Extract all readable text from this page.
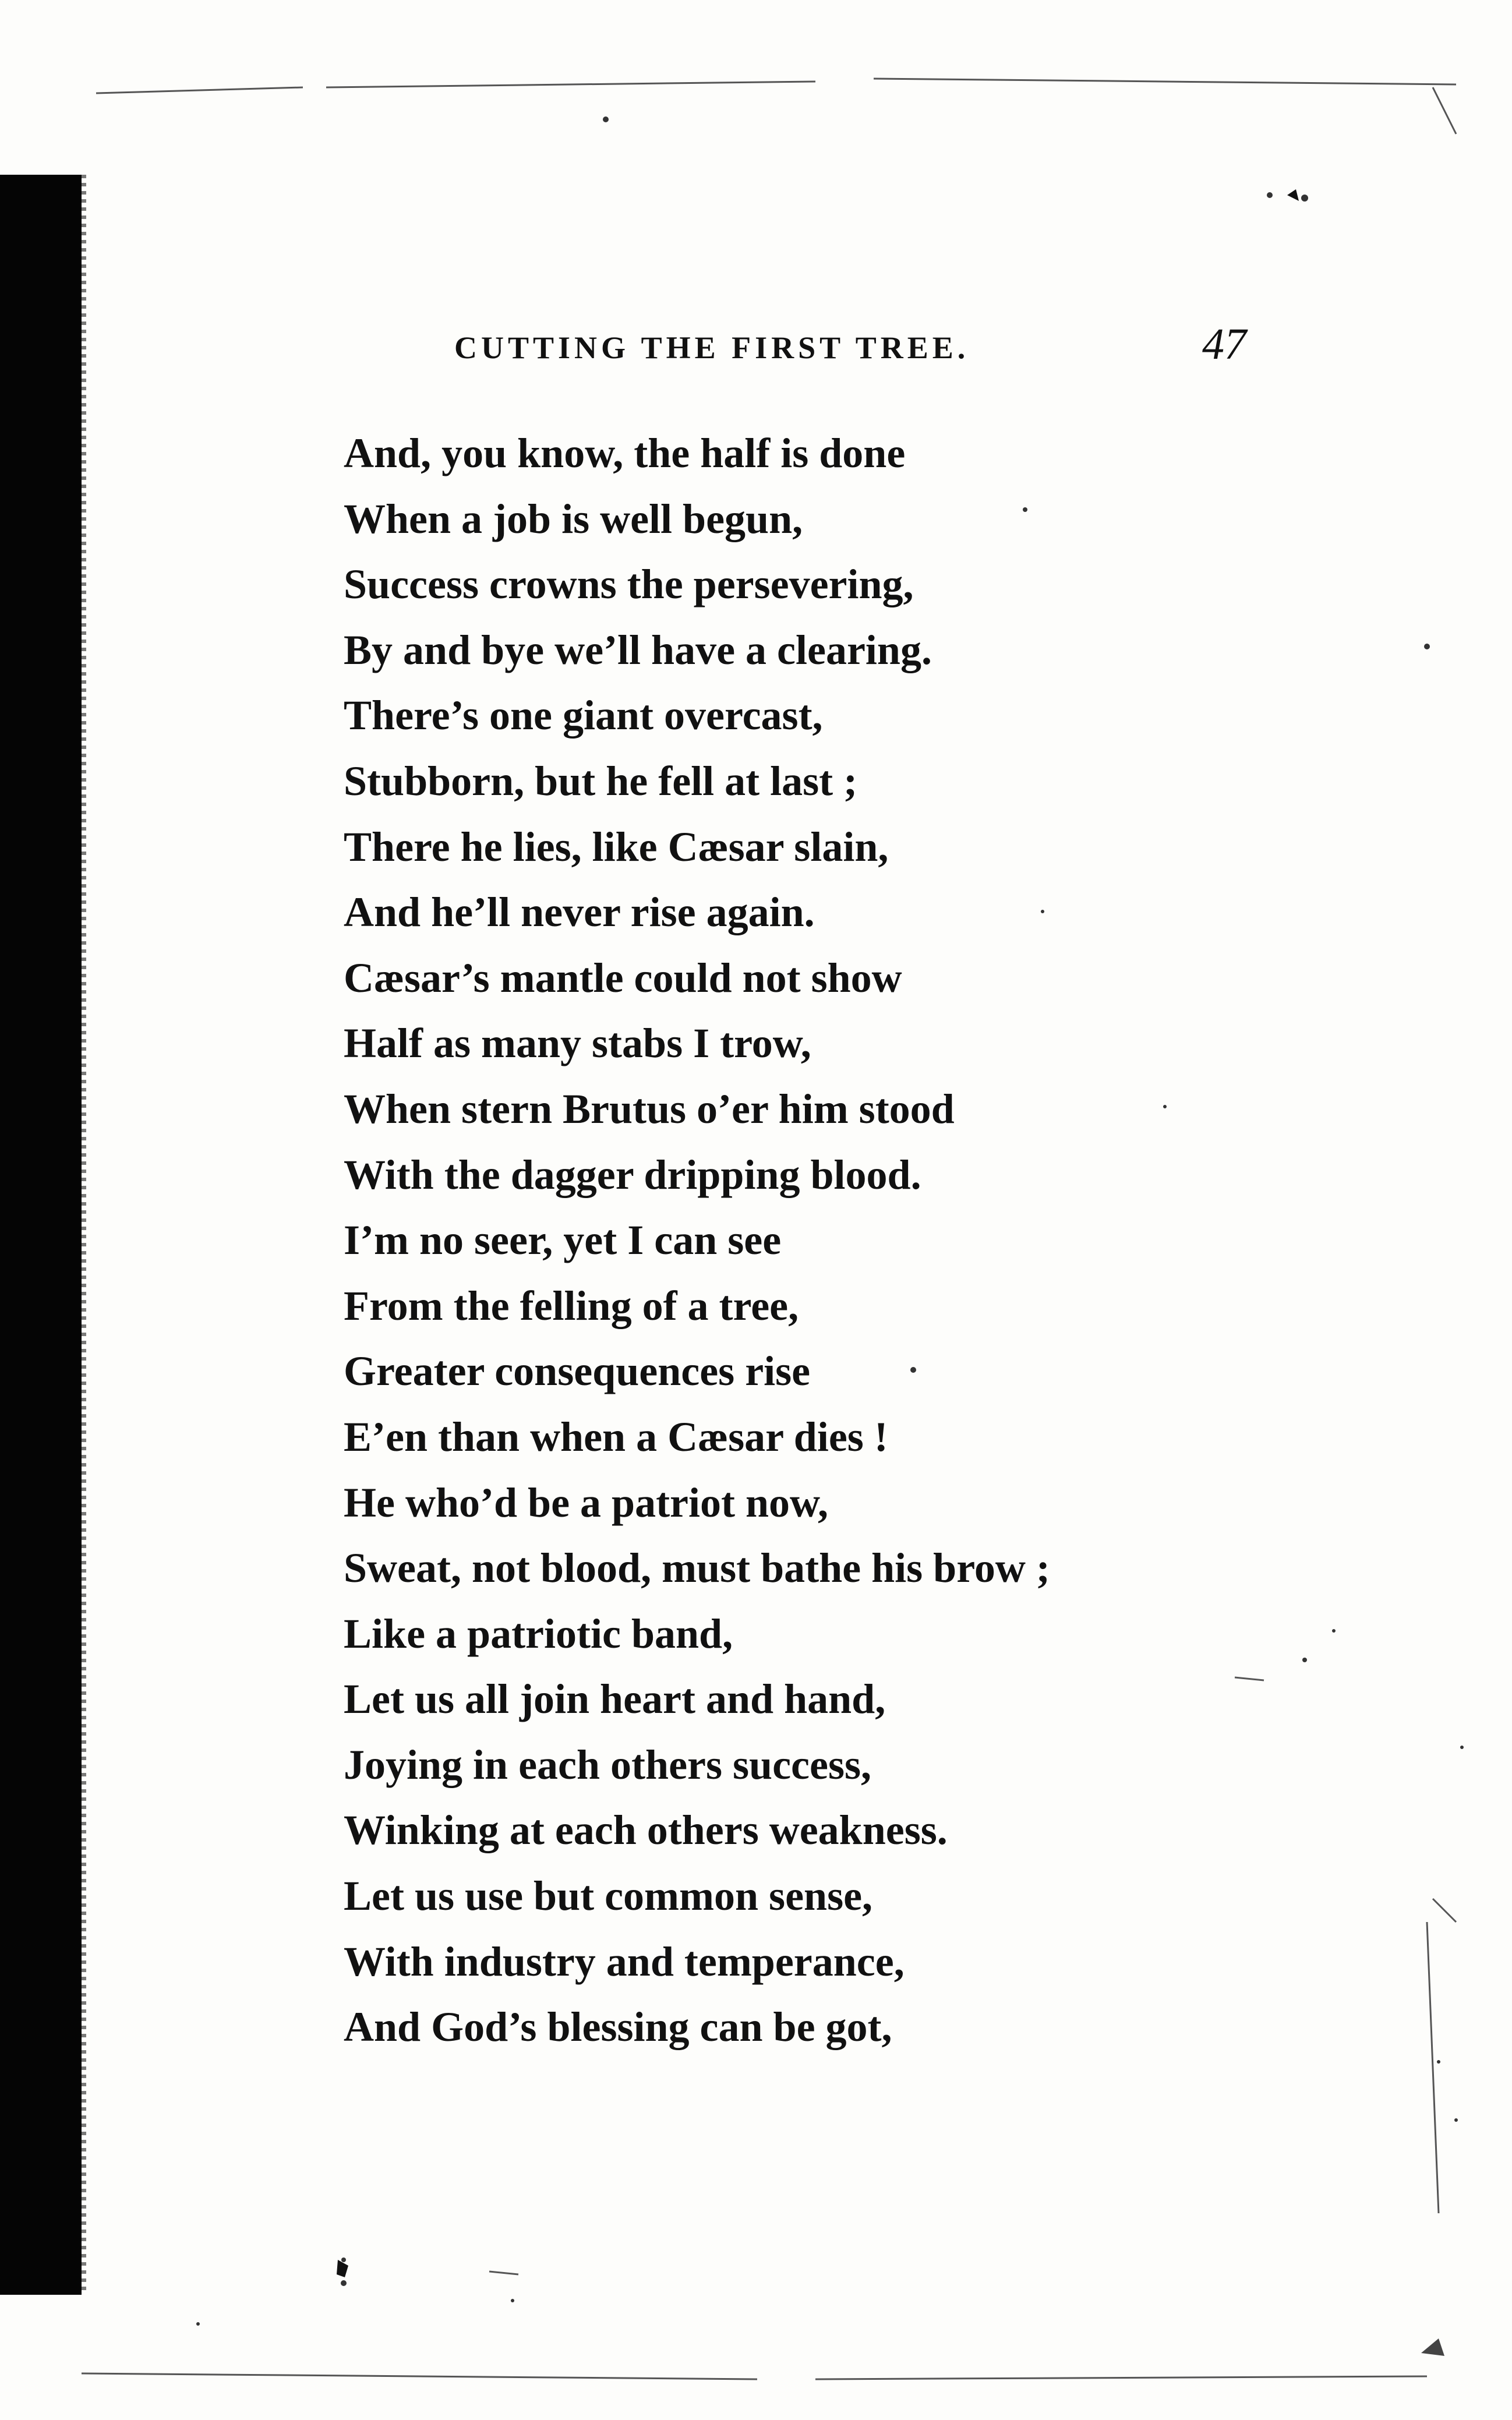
CUTTING THE FIRST TREE.	47
And, you know, the half is done
When a job is well begun,
Success crowns the persevering,
By and bye we’ll have a clearing.
There’s one giant overcast,
Stubborn, but he fell at last ;
There he lies, like Cæsar slain,
And he’ll never rise again.
Cæsar’s mantle could not show
Half as many stabs I trow,
When stern Brutus o’er him stood
With the dagger dripping blood.
I’m no seer, yet I can see
From the felling of a tree,
Greater consequences rise
E’en than when a Cæsar dies !
He who’d be a patriot now,
Sweat, not blood, must bathe his brow ;
Like a patriotic band,
Let us all join heart and hand,
Joying in each others success,
Winking at each others weakness.
Let us use but common sense,
With industry and temperance,
And God’s blessing can be got,
